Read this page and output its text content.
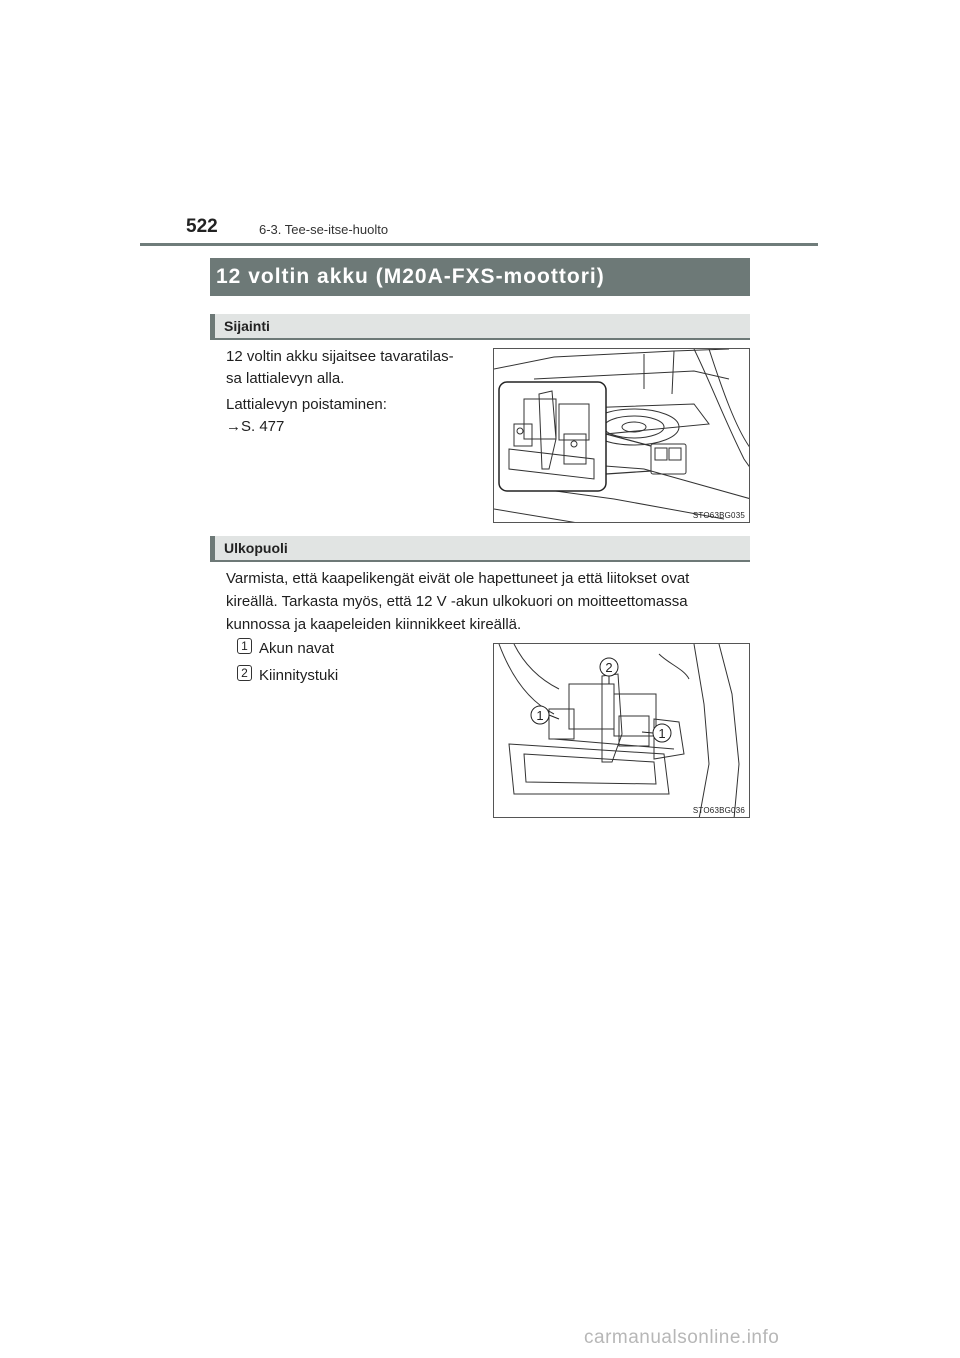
522	6-3. Tee-se-itse-huolto
12 voltin akku (M20A-FXS-moottori)
Sijainti
12 voltin akku sijaitsee tavaratilas-
sa lattialevyn alla.
Lattialevyn poistaminen:
→S. 477
STO63BG035
Ulkopuoli
Varmista, että kaapelikengät eivät ole hapettuneet ja että liitokset ovat
kireällä. Tarkasta myös, että 12 V -akun ulkokuori on moitteettomassa
kunnossa ja kaapeleiden kiinnikkeet kireällä.
1 Akun navat
2 Kiinnitystuki	2
1
1
STO63BG036
carmanualsonline.info
